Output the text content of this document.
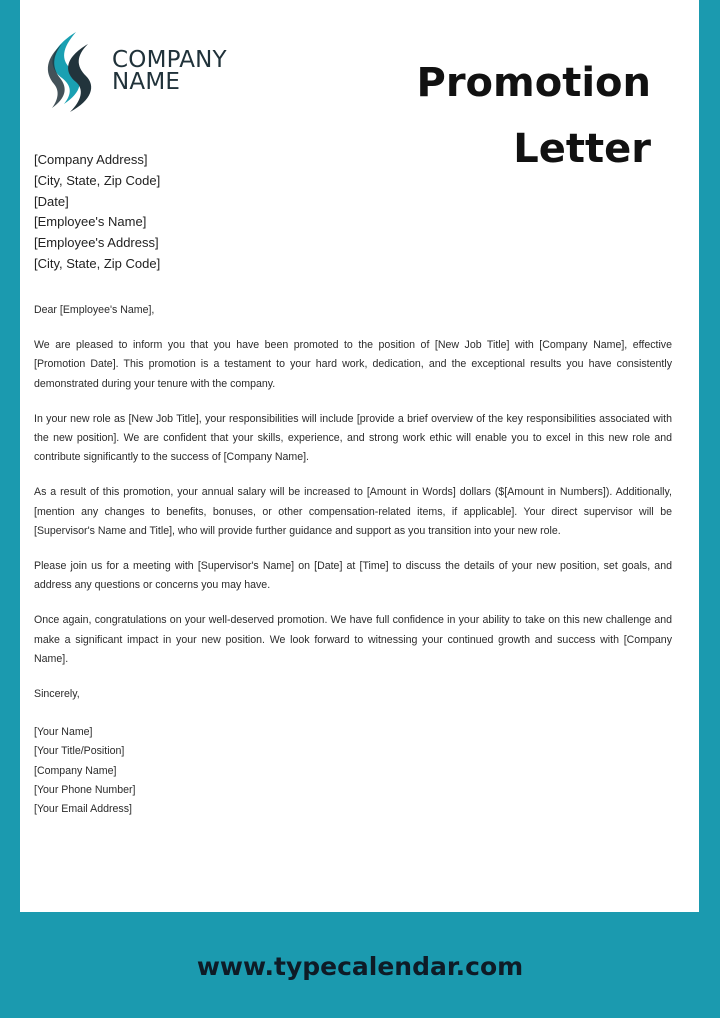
COMPANY
NAME	Promotion
Letter
[Company Address]
[City, State, Zip Code]
[Date]
[Employee's Name]
[Employee's Address]
[City, State, Zip Code]

Dear [Employee's Name],

We are pleased to inform you that you have been promoted to the position of [New Job Title] with [Company Name], effective [Promotion Date]. This promotion is a testament to your hard work, dedication, and the exceptional results you have consistently demonstrated during your tenure with the company.

In your new role as [New Job Title], your responsibilities will include [provide a brief overview of the key responsibilities associated with the new position]. We are confident that your skills, experience, and strong work ethic will enable you to excel in this new role and contribute significantly to the success of [Company Name].

As a result of this promotion, your annual salary will be increased to [Amount in Words] dollars ($[Amount in Numbers]). Additionally, [mention any changes to benefits, bonuses, or other compensation-related items, if applicable]. Your direct supervisor will be [Supervisor's Name and Title], who will provide further guidance and support as you transition into your new role.

Please join us for a meeting with [Supervisor's Name] on [Date] at [Time] to discuss the details of your new position, set goals, and address any questions or concerns you may have.

Once again, congratulations on your well-deserved promotion. We have full confidence in your ability to take on this new challenge and make a significant impact in your new position. We look forward to witnessing your continued growth and success with [Company Name].

Sincerely,

[Your Name]
[Your Title/Position]
[Company Name]
[Your Phone Number]
[Your Email Address]
www.typecalendar.com
